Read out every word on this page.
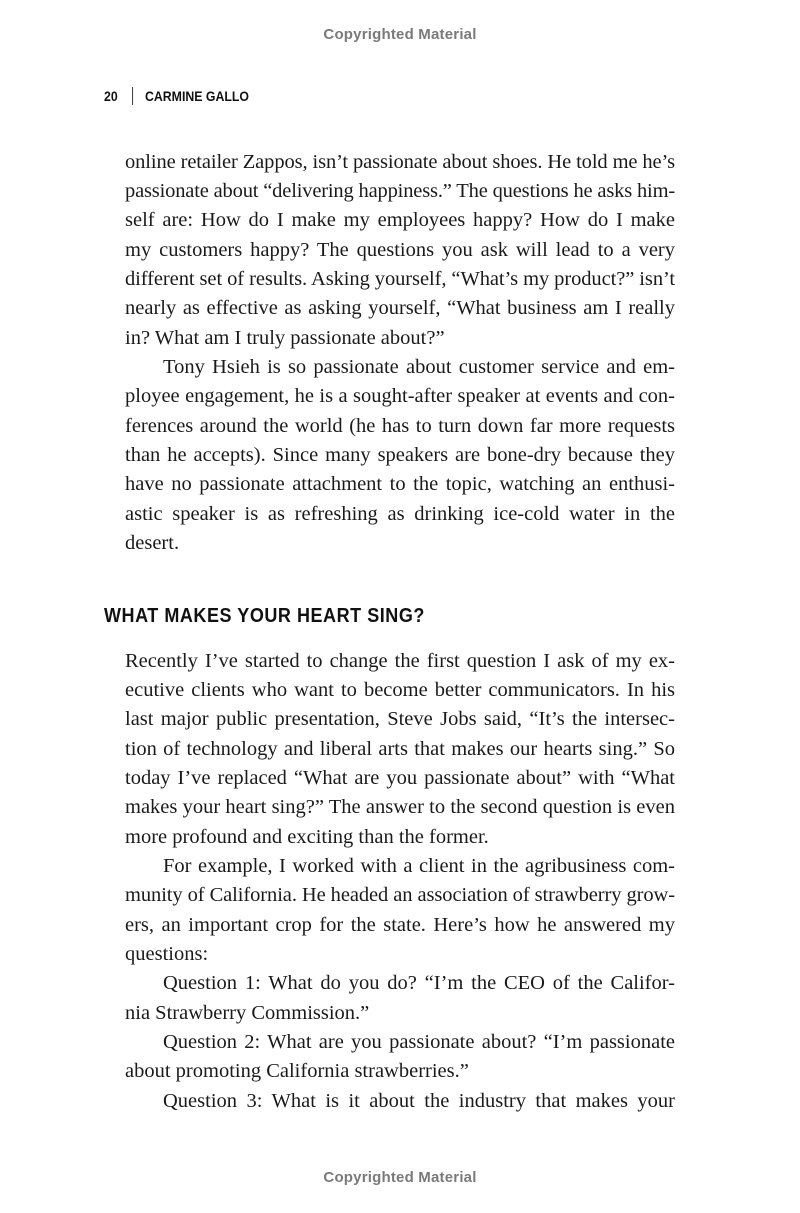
Copyrighted Material
20 CARMINE GALLO
online retailer Zappos, isn’t passionate about shoes. He told me he’s
passionate about “delivering happiness.” The questions he asks him-
self are: How do I make my employees happy? How do I make
my customers happy? The questions you ask will lead to a very
different set of results. Asking yourself, “What’s my product?” isn’t
nearly as effective as asking yourself, “What business am I really
in? What am I truly passionate about?”
Tony Hsieh is so passionate about customer service and em-
ployee engagement, he is a sought-after speaker at events and con-
ferences around the world (he has to turn down far more requests
than he accepts). Since many speakers are bone-dry because they
have no passionate attachment to the topic, watching an enthusi-
astic speaker is as refreshing as drinking ice-cold water in the
desert.
WHAT MAKES YOUR HEART SING?
Recently I’ve started to change the first question I ask of my ex-
ecutive clients who want to become better communicators. In his
last major public presentation, Steve Jobs said, “It’s the intersec-
tion of technology and liberal arts that makes our hearts sing.” So
today I’ve replaced “What are you passionate about” with “What
makes your heart sing?” The answer to the second question is even
more profound and exciting than the former.
For example, I worked with a client in the agribusiness com-
munity of California. He headed an association of strawberry grow-
ers, an important crop for the state. Here’s how he answered my
questions:
Question 1: What do you do? “I’m the CEO of the Califor-
nia Strawberry Commission.”
Question 2: What are you passionate about? “I’m passionate
about promoting California strawberries.”
Question 3: What is it about the industry that makes your
Copyrighted Material
